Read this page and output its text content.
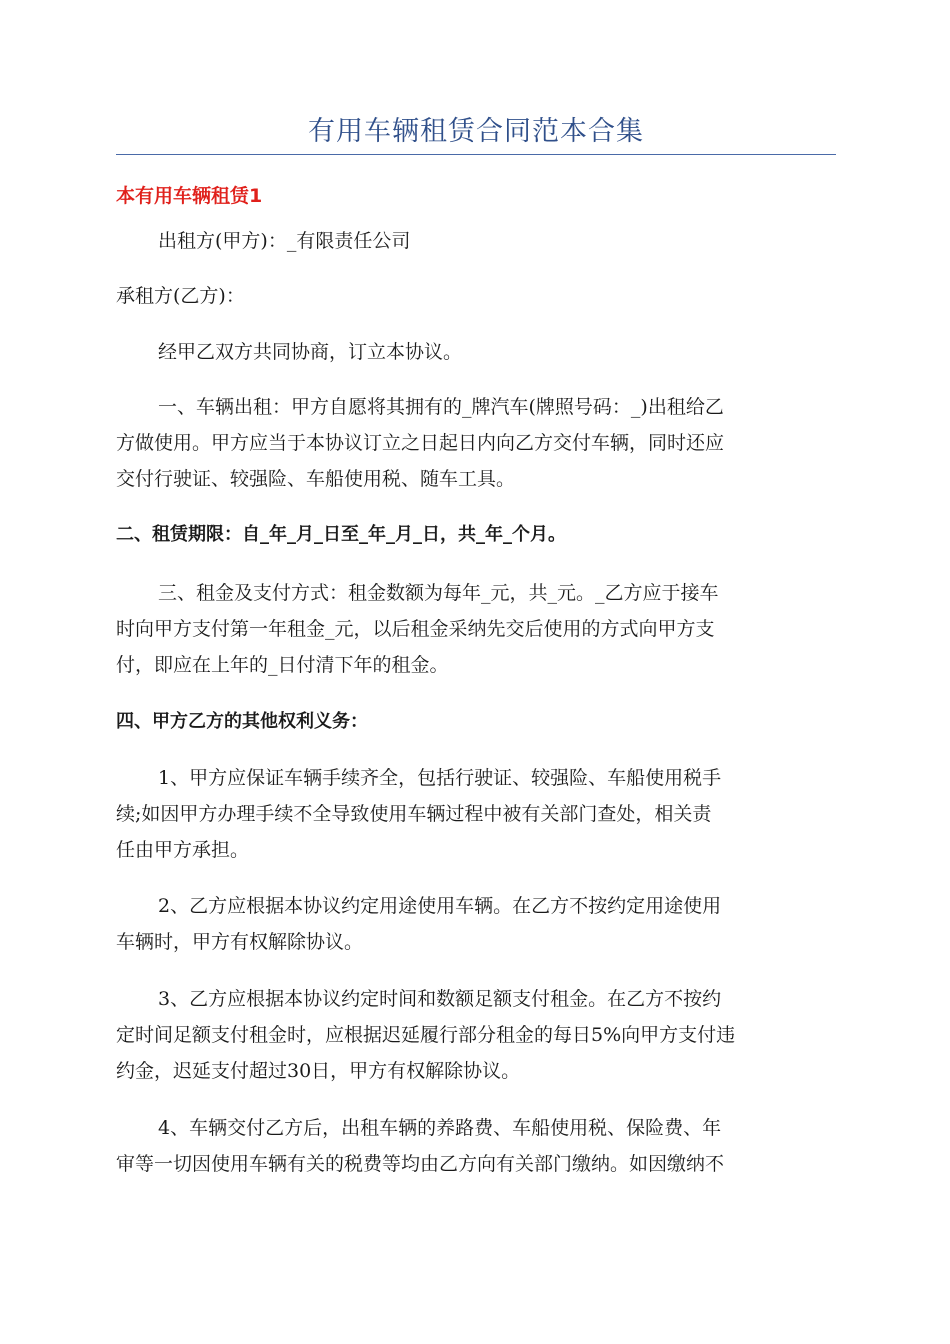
有用车辆租赁合同范本合集
本有用车辆租赁1

出租方(甲方)：_有限责任公司

承租方(乙方)：

经甲乙双方共同协商，订立本协议。

一、车辆出租：甲方自愿将其拥有的_牌汽车(牌照号码：_)出租给乙
方做使用。甲方应当于本协议订立之日起日内向乙方交付车辆，同时还应
交付行驶证、较强险、车船使用税、随车工具。

二、租赁期限：自_年_月_日至_年_月_日，共_年_个月。

三、租金及支付方式：租金数额为每年_元，共_元。_乙方应于接车
时向甲方支付第一年租金_元，以后租金采纳先交后使用的方式向甲方支
付，即应在上年的_日付清下年的租金。

四、甲方乙方的其他权利义务：

1、甲方应保证车辆手续齐全，包括行驶证、较强险、车船使用税手
续;如因甲方办理手续不全导致使用车辆过程中被有关部门查处，相关责
任由甲方承担。

2、乙方应根据本协议约定用途使用车辆。在乙方不按约定用途使用
车辆时，甲方有权解除协议。

3、乙方应根据本协议约定时间和数额足额支付租金。在乙方不按约
定时间足额支付租金时，应根据迟延履行部分租金的每日5%向甲方支付违
约金，迟延支付超过30日，甲方有权解除协议。

4、车辆交付乙方后，出租车辆的养路费、车船使用税、保险费、年
审等一切因使用车辆有关的税费等均由乙方向有关部门缴纳。如因缴纳不
